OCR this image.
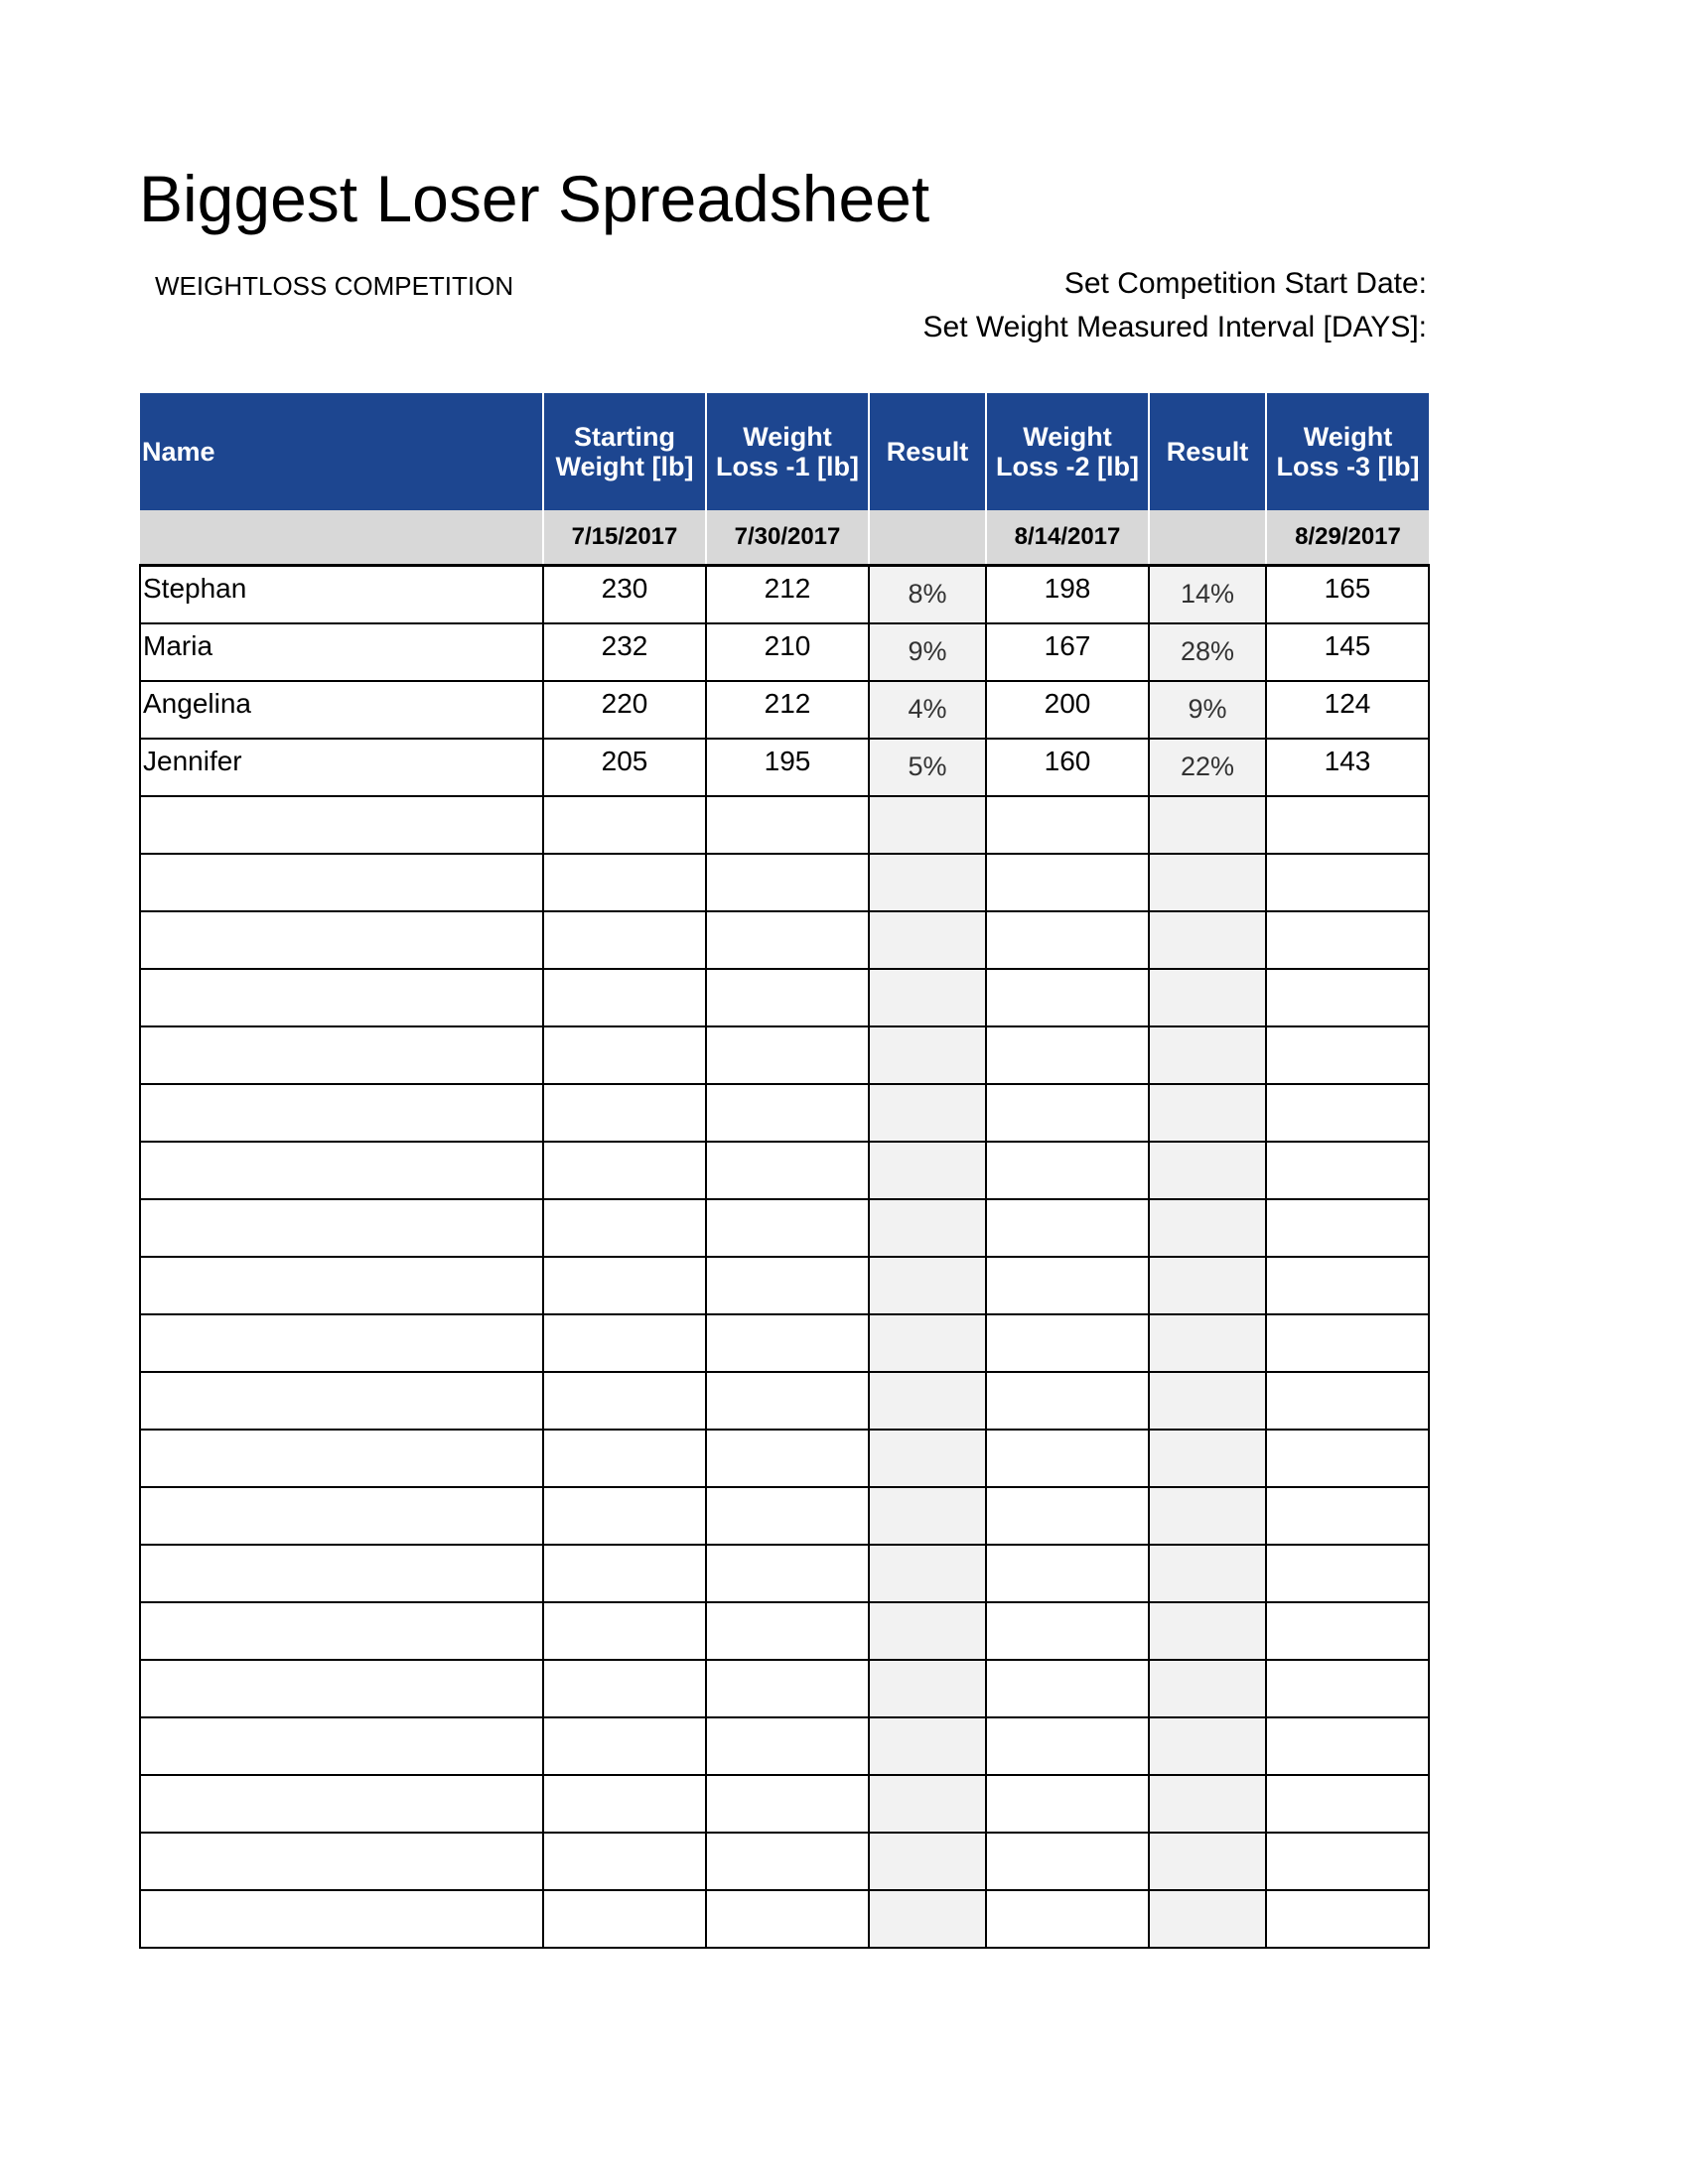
Biggest Loser Spreadsheet
WEIGHTLOSS COMPETITION	Set Competition Start Date:
Set Weight Measured Interval [DAYS]:
Name	Starting Weight [lb]	Weight Loss -1 [lb]	Result	Weight Loss -2 [lb]	Result	Weight Loss -3 [lb]
	7/15/2017	7/30/2017		8/14/2017		8/29/2017
Stephan	230	212	8%	198	14%	165
Maria	232	210	9%	167	28%	145
Angelina	220	212	4%	200	9%	124
Jennifer	205	195	5%	160	22%	143
